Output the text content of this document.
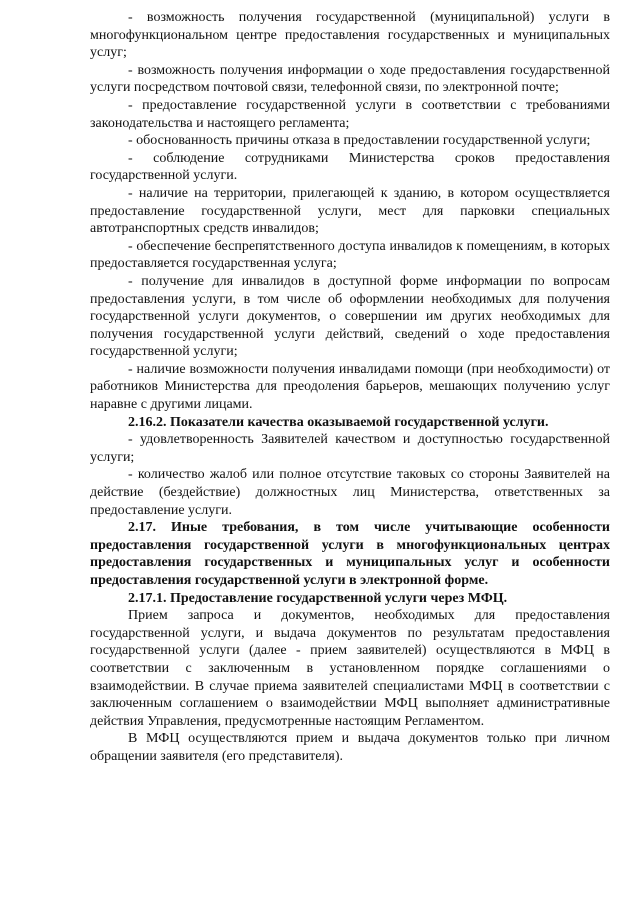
- возможность получения государственной (муниципальной) услуги в многофункциональном центре предоставления государственных и муниципальных услуг;

- возможность получения информации о ходе предоставления государственной услуги посредством почтовой связи, телефонной связи, по электронной почте;

- предоставление государственной услуги в соответствии с требованиями законодательства и настоящего регламента;

- обоснованность причины отказа в предоставлении государственной услуги;

- соблюдение сотрудниками Министерства сроков предоставления государственной услуги.

- наличие на территории, прилегающей к зданию, в котором осуществляется предоставление государственной услуги, мест для парковки специальных автотранспортных средств инвалидов;

- обеспечение беспрепятственного доступа инвалидов к помещениям, в которых предоставляется государственная услуга;

- получение для инвалидов в доступной форме информации по вопросам предоставления услуги, в том числе об оформлении необходимых для получения государственной услуги документов, о совершении им других необходимых для получения государственной услуги действий, сведений о ходе предоставления государственной услуги;

- наличие возможности получения инвалидами помощи (при необходимости) от работников Министерства для преодоления барьеров, мешающих получению услуг наравне с другими лицами.

2.16.2. Показатели качества оказываемой государственной услуги.

- удовлетворенность Заявителей качеством и доступностью государственной услуги;

- количество жалоб или полное отсутствие таковых со стороны Заявителей на действие (бездействие) должностных лиц Министерства, ответственных за предоставление услуги.

2.17. Иные требования, в том числе учитывающие особенности предоставления государственной услуги в многофункциональных центрах предоставления государственных и муниципальных услуг и особенности предоставления государственной услуги в электронной форме.

2.17.1. Предоставление государственной услуги через МФЦ.

Прием запроса и документов, необходимых для предоставления государственной услуги, и выдача документов по результатам предоставления государственной услуги (далее - прием заявителей) осуществляются в МФЦ в соответствии с заключенным в установленном порядке соглашениями о взаимодействии. В случае приема заявителей специалистами МФЦ в соответствии с заключенным соглашением о взаимодействии МФЦ выполняет административные действия Управления, предусмотренные настоящим Регламентом.

В МФЦ осуществляются прием и выдача документов только при личном обращении заявителя (его представителя).
